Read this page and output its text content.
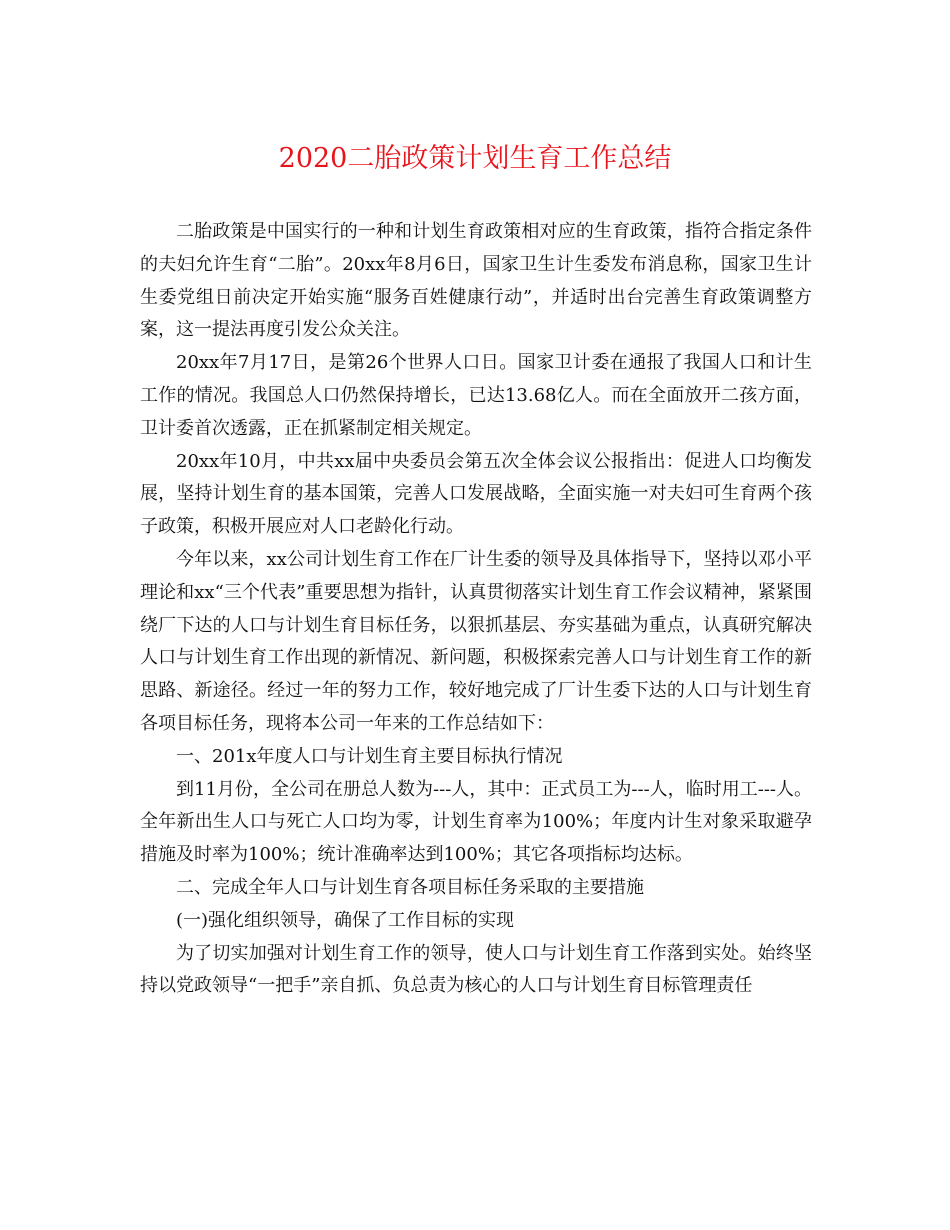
2020二胎政策计划生育工作总结

二胎政策是中国实行的一种和计划生育政策相对应的生育政策，指符合指定条件的夫妇允许生育“二胎”。20xx年8月6日，国家卫生计生委发布消息称，国家卫生计生委党组日前决定开始实施“服务百姓健康行动”，并适时出台完善生育政策调整方案，这一提法再度引发公众关注。

20xx年7月17日，是第26个世界人口日。国家卫计委在通报了我国人口和计生工作的情况。我国总人口仍然保持增长，已达13.68亿人。而在全面放开二孩方面，卫计委首次透露，正在抓紧制定相关规定。

20xx年10月，中共xx届中央委员会第五次全体会议公报指出：促进人口均衡发展，坚持计划生育的基本国策，完善人口发展战略，全面实施一对夫妇可生育两个孩子政策，积极开展应对人口老龄化行动。

今年以来，xx公司计划生育工作在厂计生委的领导及具体指导下，坚持以邓小平理论和xx“三个代表”重要思想为指针，认真贯彻落实计划生育工作会议精神，紧紧围绕厂下达的人口与计划生育目标任务，以狠抓基层、夯实基础为重点，认真研究解决人口与计划生育工作出现的新情况、新问题，积极探索完善人口与计划生育工作的新思路、新途径。经过一年的努力工作，较好地完成了厂计生委下达的人口与计划生育各项目标任务，现将本公司一年来的工作总结如下：

一、201x年度人口与计划生育主要目标执行情况

到11月份，全公司在册总人数为---人，其中：正式员工为---人，临时用工---人。全年新出生人口与死亡人口均为零，计划生育率为100%；年度内计生对象采取避孕措施及时率为100%；统计准确率达到100%；其它各项指标均达标。

二、完成全年人口与计划生育各项目标任务采取的主要措施

(一)强化组织领导，确保了工作目标的实现

为了切实加强对计划生育工作的领导，使人口与计划生育工作落到实处。始终坚持以党政领导“一把手”亲自抓、负总责为核心的人口与计划生育目标管理责任
